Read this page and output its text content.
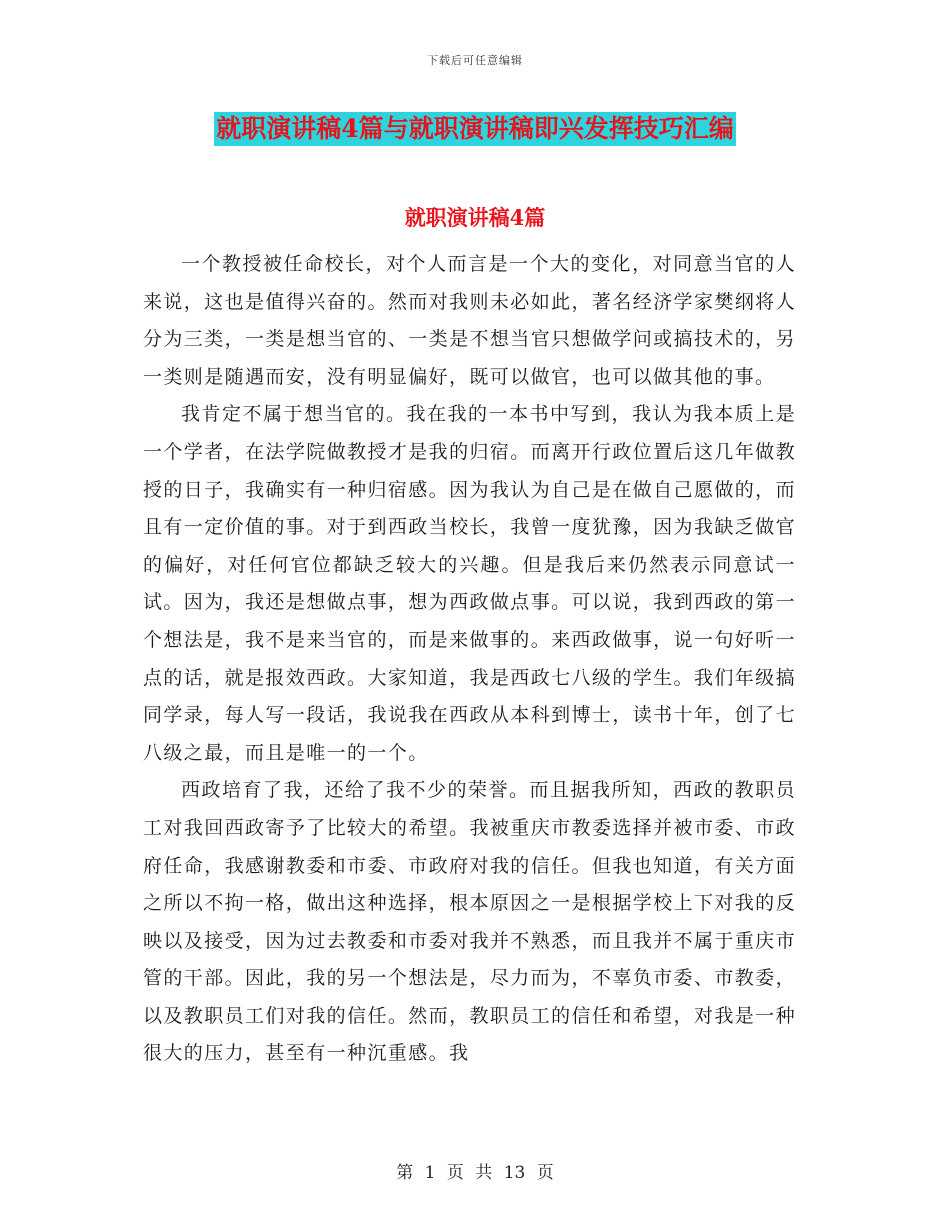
下载后可任意编辑
就职演讲稿4篇与就职演讲稿即兴发挥技巧汇编
就职演讲稿4篇

一个教授被任命校长，对个人而言是一个大的变化，对同意当官的人来说，这也是值得兴奋的。然而对我则未必如此，著名经济学家樊纲将人分为三类，一类是想当官的、一类是不想当官只想做学问或搞技术的，另一类则是随遇而安，没有明显偏好，既可以做官，也可以做其他的事。

我肯定不属于想当官的。我在我的一本书中写到，我认为我本质上是一个学者，在法学院做教授才是我的归宿。而离开行政位置后这几年做教授的日子，我确实有一种归宿感。因为我认为自己是在做自己愿做的，而且有一定价值的事。对于到西政当校长，我曾一度犹豫，因为我缺乏做官的偏好，对任何官位都缺乏较大的兴趣。但是我后来仍然表示同意试一试。因为，我还是想做点事，想为西政做点事。可以说，我到西政的第一个想法是，我不是来当官的，而是来做事的。来西政做事，说一句好听一点的话，就是报效西政。大家知道，我是西政七八级的学生。我们年级搞同学录，每人写一段话，我说我在西政从本科到博士，读书十年，创了七八级之最，而且是唯一的一个。

西政培育了我，还给了我不少的荣誉。而且据我所知，西政的教职员工对我回西政寄予了比较大的希望。我被重庆市教委选择并被市委、市政府任命，我感谢教委和市委、市政府对我的信任。但我也知道，有关方面之所以不拘一格，做出这种选择，根本原因之一是根据学校上下对我的反映以及接受，因为过去教委和市委对我并不熟悉，而且我并不属于重庆市管的干部。因此，我的另一个想法是，尽力而为，不辜负市委、市教委，以及教职员工们对我的信任。然而，教职员工的信任和希望，对我是一种很大的压力，甚至有一种沉重感。我

第 1 页 共 13 页
